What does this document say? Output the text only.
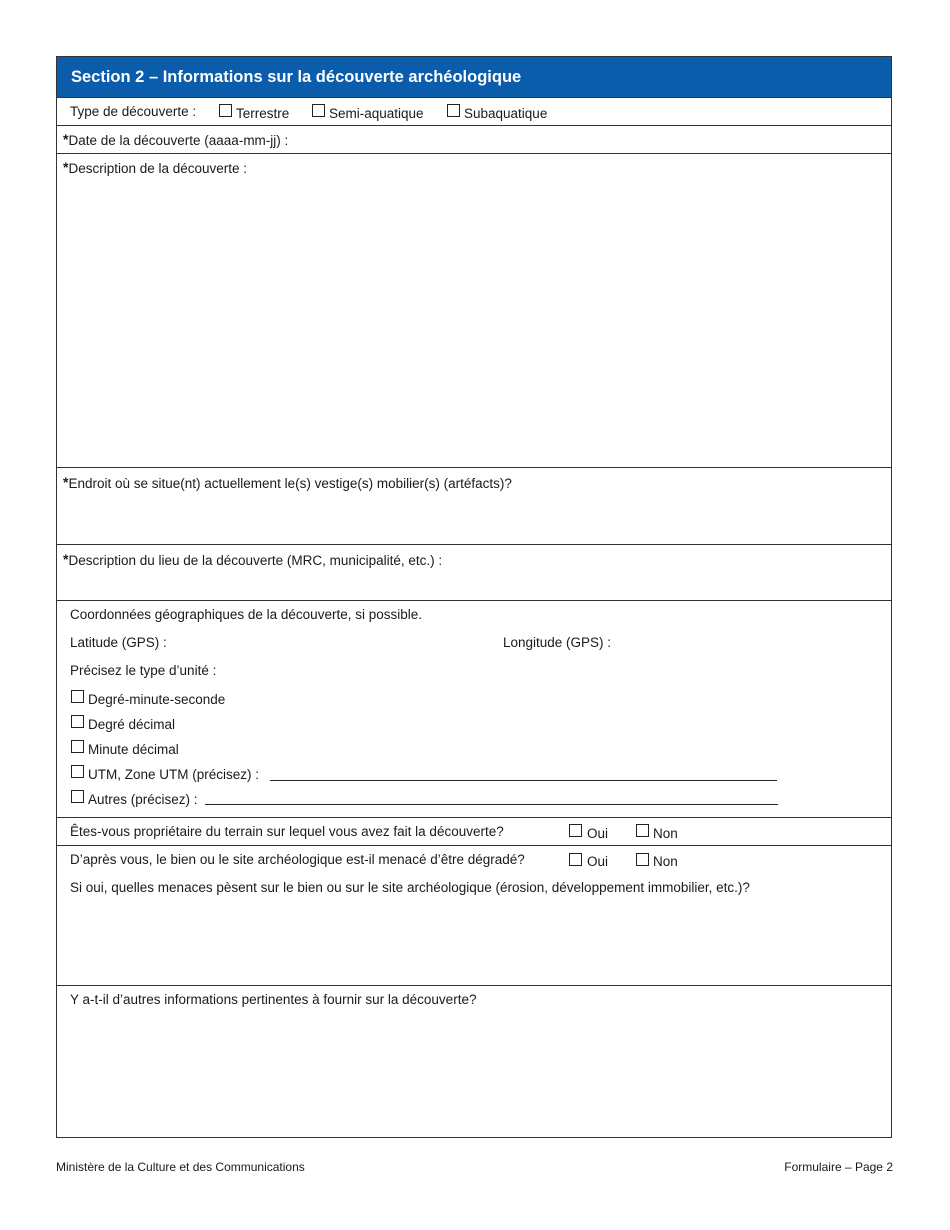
Section 2 – Informations sur la découverte archéologique
Type de découverte :	Terrestre	Semi-aquatique	Subaquatique
*Date de la découverte (aaaa-mm-jj) :
*Description de la découverte :
*Endroit où se situe(nt) actuellement le(s) vestige(s) mobilier(s) (artéfacts)?
*Description du lieu de la découverte (MRC, municipalité, etc.) :
Coordonnées géographiques de la découverte, si possible.
Latitude (GPS) :	Longitude (GPS) :
Précisez le type d’unité :
Degré-minute-seconde
Degré décimal
Minute décimal
UTM, Zone UTM (précisez) :
Autres (précisez) :
Êtes-vous propriétaire du terrain sur lequel vous avez fait la découverte?	Oui	Non
D’après vous, le bien ou le site archéologique est-il menacé d’être dégradé?	Oui	Non
Si oui, quelles menaces pèsent sur le bien ou sur le site archéologique (érosion, développement immobilier, etc.)?
Y a-t-il d’autres informations pertinentes à fournir sur la découverte?
Ministère de la Culture et des Communications	Formulaire – Page 2
